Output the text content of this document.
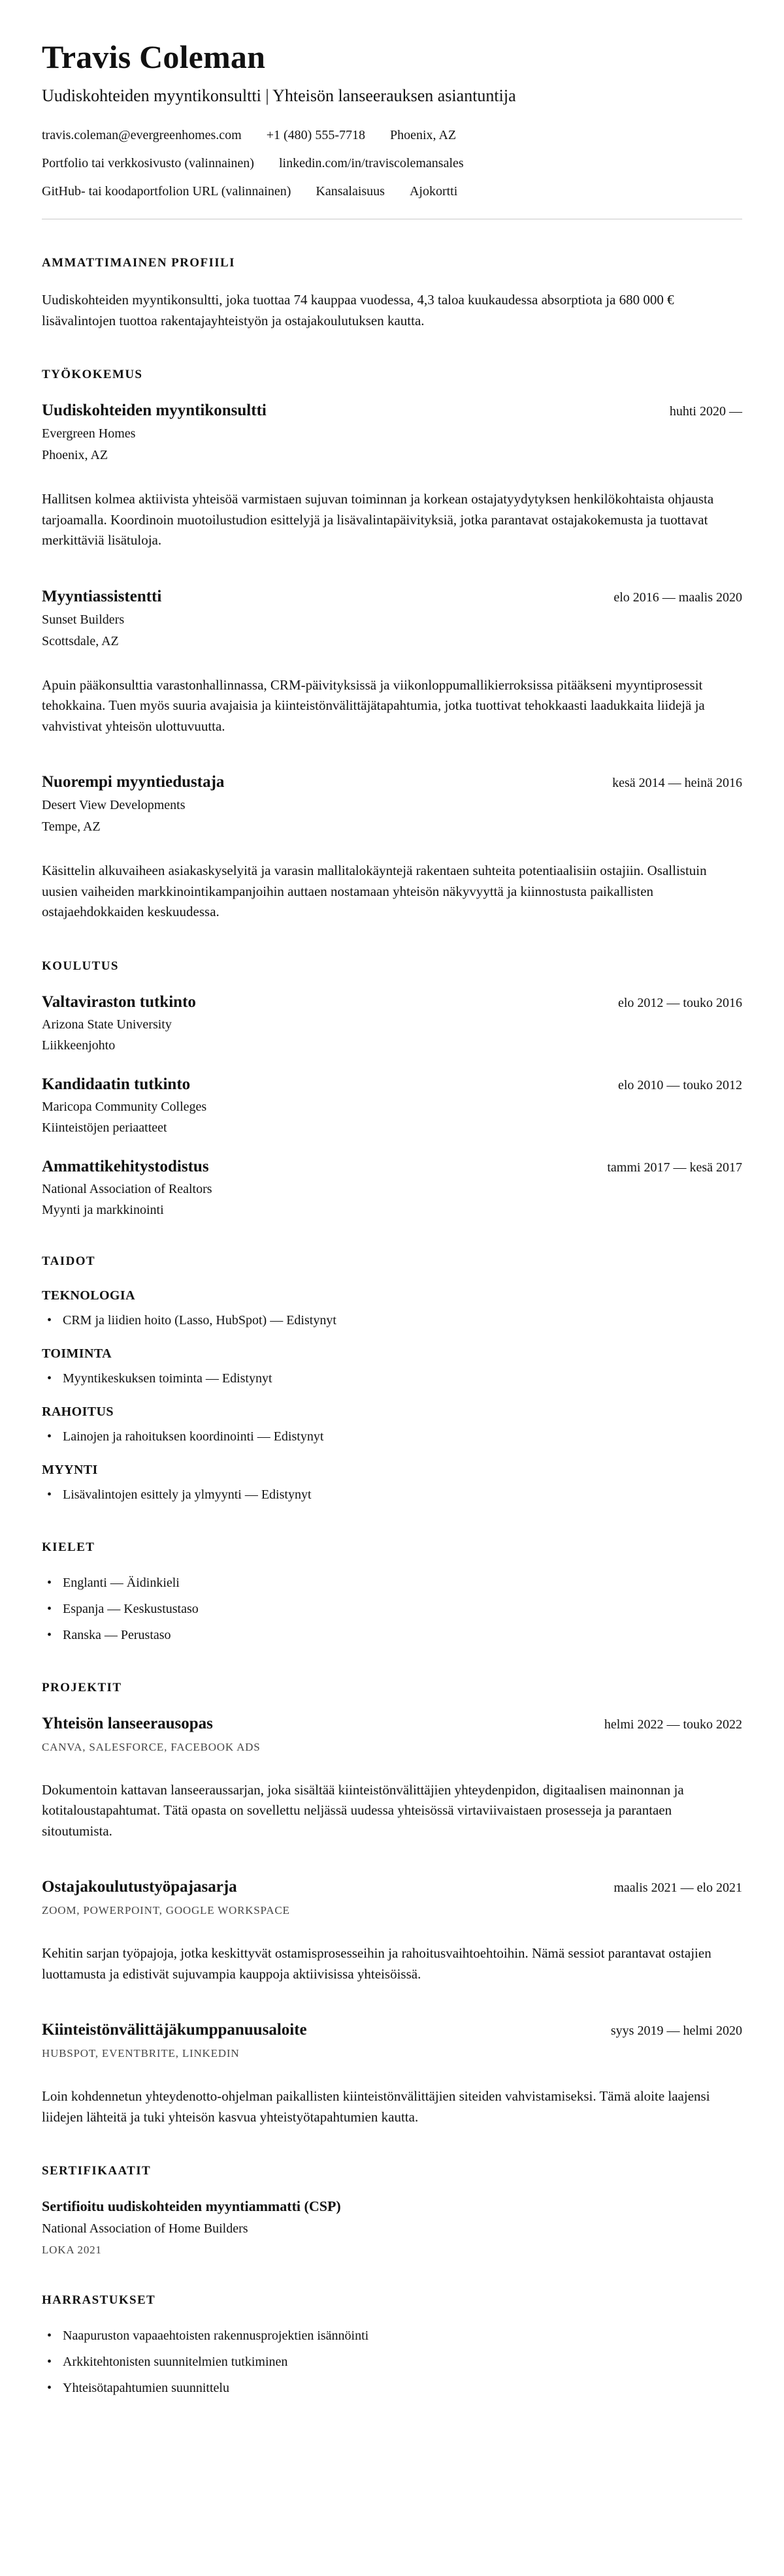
Travis Coleman
Uudiskohteiden myyntikonsultti | Yhteisön lanseerauksen asiantuntija
travis.coleman@evergreenhomes.com +1 (480) 555-7718 Phoenix, AZ
Portfolio tai verkkosivusto (valinnainen) linkedin.com/in/traviscolemansales
GitHub- tai koodaportfolion URL (valinnainen) Kansalaisuus Ajokortti
AMMATTIMAINEN PROFIILI

Uudiskohteiden myyntikonsultti, joka tuottaa 74 kauppaa vuodessa, 4,3 taloa kuukaudessa absorptiota ja 680 000 € lisävalintojen tuottoa rakentajayhteistyön ja ostajakoulutuksen kautta.

TYÖKOKEMUS
Uudiskohteiden myyntikonsultti	huhti 2020 —
Evergreen Homes
Phoenix, AZ

Hallitsen kolmea aktiivista yhteisöä varmistaen sujuvan toiminnan ja korkean ostajatyydytyksen henkilökohtaista ohjausta tarjoamalla. Koordinoin muotoilustudion esittelyjä ja lisävalintapäivityksiä, jotka parantavat ostajakokemusta ja tuottavat merkittäviä lisätuloja.

Myyntiassistentti	elo 2016 — maalis 2020
Sunset Builders
Scottsdale, AZ

Apuin pääkonsulttia varastonhallinnassa, CRM-päivityksissä ja viikonloppumallikierroksissa pitääkseni myyntiprosessit tehokkaina. Tuen myös suuria avajaisia ja kiinteistönvälittäjätapahtumia, jotka tuottivat tehokkaasti laadukkaita liidejä ja vahvistivat yhteisön ulottuvuutta.

Nuorempi myyntiedustaja	kesä 2014 — heinä 2016
Desert View Developments
Tempe, AZ

Käsittelin alkuvaiheen asiakaskyselyitä ja varasin mallitalokäyntejä rakentaen suhteita potentiaalisiin ostajiin. Osallistuin uusien vaiheiden markkinointikampanjoihin auttaen nostamaan yhteisön näkyvyyttä ja kiinnostusta paikallisten ostajaehdokkaiden keskuudessa.

KOULUTUS
Valtaviraston tutkinto	elo 2012 — touko 2016
Arizona State University
Liikkeenjohto
Kandidaatin tutkinto	elo 2010 — touko 2012
Maricopa Community Colleges
Kiinteistöjen periaatteet
Ammattikehitystodistus	tammi 2017 — kesä 2017
National Association of Realtors
Myynti ja markkinointi
TAIDOT
TEKNOLOGIA
• CRM ja liidien hoito (Lasso, HubSpot) — Edistynyt
TOIMINTA
• Myyntikeskuksen toiminta — Edistynyt
RAHOITUS
• Lainojen ja rahoituksen koordinointi — Edistynyt
MYYNTI
• Lisävalintojen esittely ja ylmyynti — Edistynyt
KIELET
• Englanti — Äidinkieli
• Espanja — Keskustustaso
• Ranska — Perustaso
PROJEKTIT
Yhteisön lanseerausopas	helmi 2022 — touko 2022
CANVA, SALESFORCE, FACEBOOK ADS

Dokumentoin kattavan lanseeraussarjan, joka sisältää kiinteistönvälittäjien yhteydenpidon, digitaalisen mainonnan ja kotitaloustapahtumat. Tätä opasta on sovellettu neljässä uudessa yhteisössä virtaviivaistaen prosesseja ja parantaen sitoutumista.

Ostajakoulutustyöpajasarja	maalis 2021 — elo 2021
ZOOM, POWERPOINT, GOOGLE WORKSPACE

Kehitin sarjan työpajoja, jotka keskittyvät ostamisprosesseihin ja rahoitusvaihtoehtoihin. Nämä sessiot parantavat ostajien luottamusta ja edistivät sujuvampia kauppoja aktiivisissa yhteisöissä.

Kiinteistönvälittäjäkumppanuusaloite	syys 2019 — helmi 2020
HUBSPOT, EVENTBRITE, LINKEDIN

Loin kohdennetun yhteydenotto-ohjelman paikallisten kiinteistönvälittäjien siteiden vahvistamiseksi. Tämä aloite laajensi liidejen lähteitä ja tuki yhteisön kasvua yhteistyötapahtumien kautta.

SERTIFIKAATIT
Sertifioitu uudiskohteiden myyntiammatti (CSP)
National Association of Home Builders
LOKA 2021
HARRASTUKSET
• Naapuruston vapaaehtoisten rakennusprojektien isännöinti
• Arkkitehtonisten suunnitelmien tutkiminen
• Yhteisötapahtumien suunnittelu
